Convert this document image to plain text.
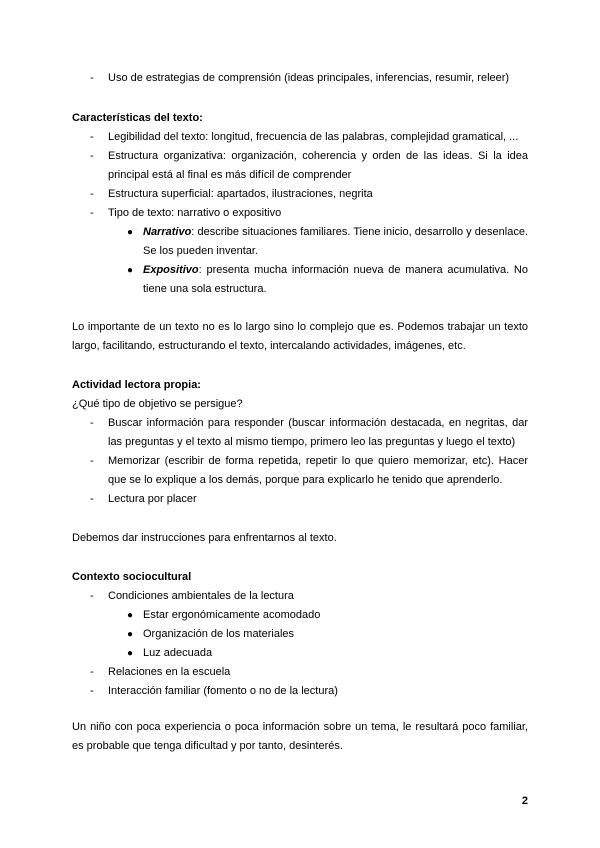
- Uso de estrategias de comprensión (ideas principales, inferencias, resumir, releer)

Características del texto:

- Legibilidad del texto: longitud, frecuencia de las palabras, complejidad gramatical, ...
- Estructura organizativa: organización, coherencia y orden de las ideas. Si la idea principal está al final es más difícil de comprender
- Estructura superficial: apartados, ilustraciones, negrita
- Tipo de texto: narrativo o expositivo
● Narrativo: describe situaciones familiares. Tiene inicio, desarrollo y desenlace. Se los pueden inventar.
● Expositivo: presenta mucha información nueva de manera acumulativa. No tiene una sola estructura.

Lo importante de un texto no es lo largo sino lo complejo que es. Podemos trabajar un texto largo, facilitando, estructurando el texto, intercalando actividades, imágenes, etc.

Actividad lectora propia:

¿Qué tipo de objetivo se persigue?

- Buscar información para responder (buscar información destacada, en negritas, dar las preguntas y el texto al mismo tiempo, primero leo las preguntas y luego el texto)
- Memorizar (escribir de forma repetida, repetir lo que quiero memorizar, etc). Hacer que se lo explique a los demás, porque para explicarlo he tenido que aprenderlo.
- Lectura por placer

Debemos dar instrucciones para enfrentarnos al texto.

Contexto sociocultural

- Condiciones ambientales de la lectura
● Estar ergonómicamente acomodado
● Organización de los materiales
● Luz adecuada
- Relaciones en la escuela
- Interacción familiar (fomento o no de la lectura)

Un niño con poca experiencia o poca información sobre un tema, le resultará poco familiar, es probable que tenga dificultad y por tanto, desinterés.

2
